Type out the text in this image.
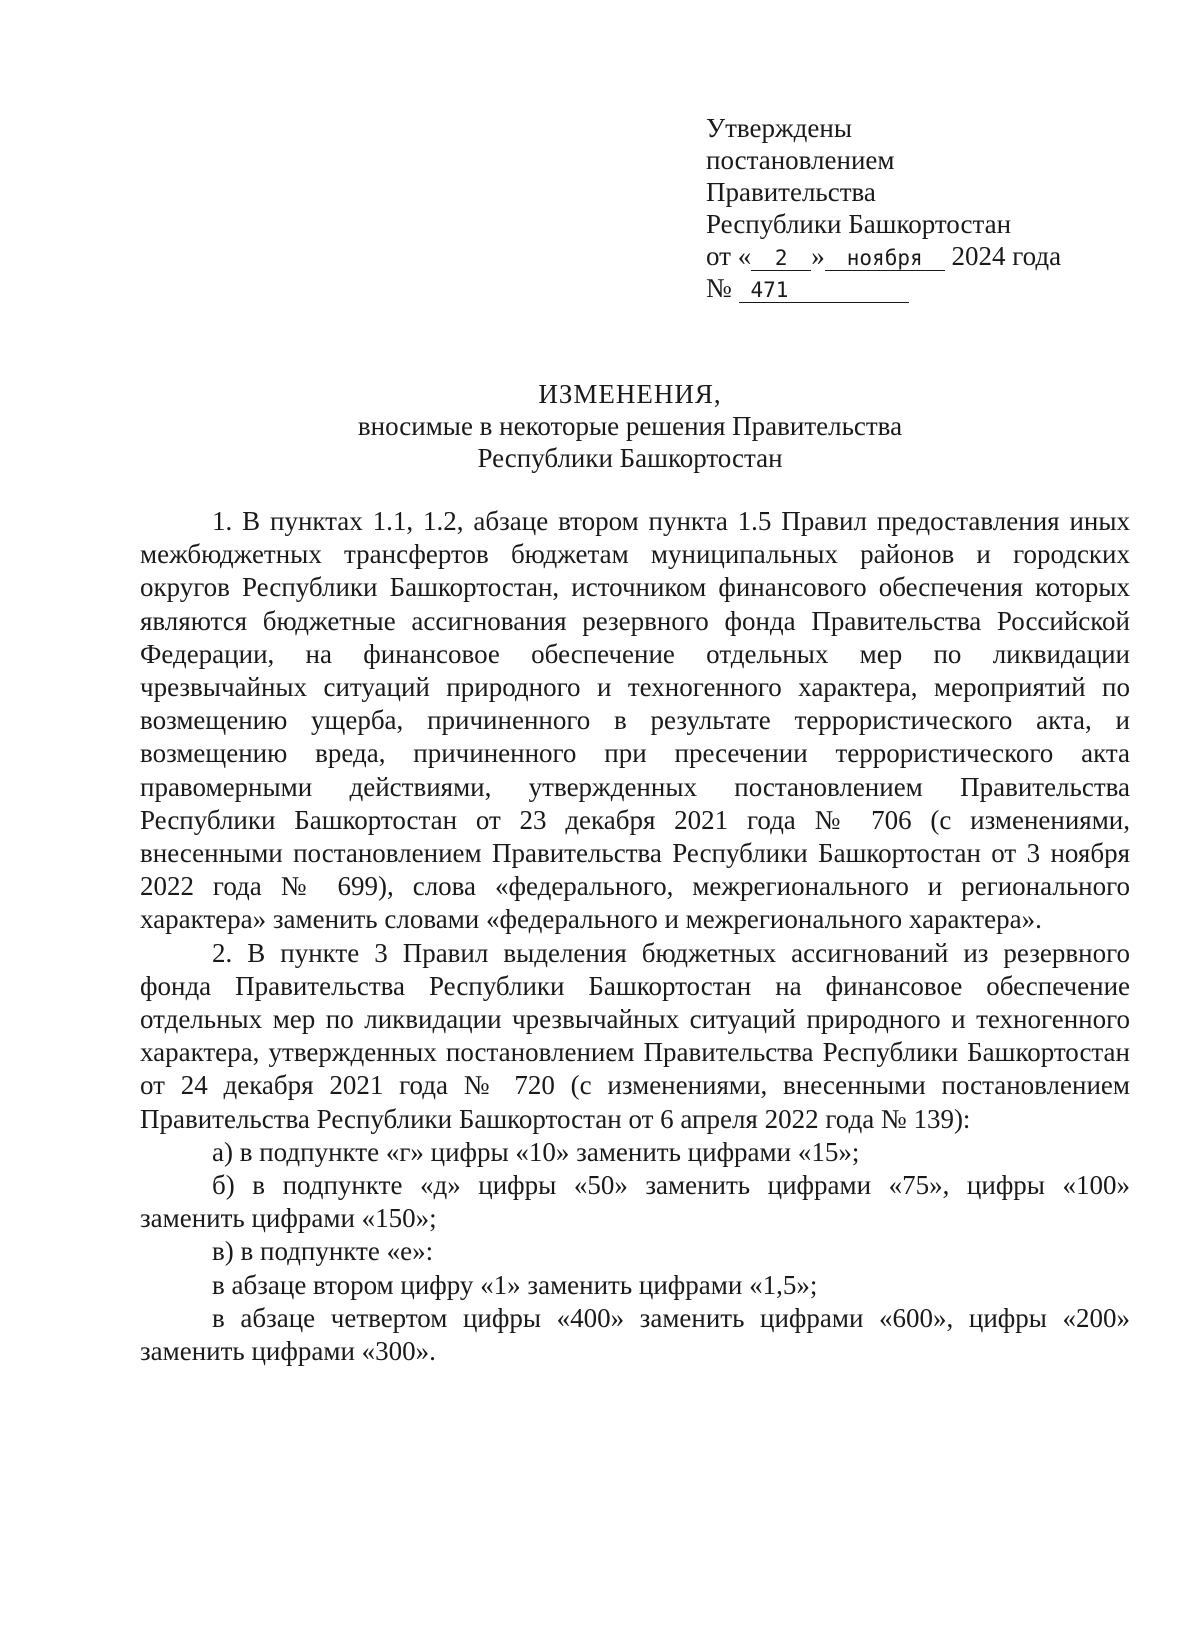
Утверждены
постановлением
Правительства
Республики Башкортостан
от « 2 » ноября 2024 года
№ 471
ИЗМЕНЕНИЯ,
вносимые в некоторые решения Правительства
Республики Башкортостан

1. В пунктах 1.1, 1.2, абзаце втором пункта 1.5 Правил предоставления иных межбюджетных трансфертов бюджетам муниципальных районов и городских округов Республики Башкортостан, источником финансового обеспечения которых являются бюджетные ассигнования резервного фонда Правительства Российской Федерации, на финансовое обеспечение отдельных мер по ликвидации чрезвычайных ситуаций природного и техногенного характера, мероприятий по возмещению ущерба, причиненного в результате террористического акта, и возмещению вреда, причиненного при пресечении террористического акта правомерными действиями, утвержденных постановлением Правительства Республики Башкортостан от 23 декабря 2021 года № 706 (с изменениями, внесенными постановлением Правительства Республики Башкортостан от 3 ноября 2022 года № 699), слова «федерального, межрегионального и регионального характера» заменить словами «федерального и межрегионального характера».

2. В пункте 3 Правил выделения бюджетных ассигнований из резервного фонда Правительства Республики Башкортостан на финансовое обеспечение отдельных мер по ликвидации чрезвычайных ситуаций природного и техногенного характера, утвержденных постановлением Правительства Республики Башкортостан от 24 декабря 2021 года № 720 (с изменениями, внесенными постановлением Правительства Республики Башкортостан от 6 апреля 2022 года № 139):

а) в подпункте «г» цифры «10» заменить цифрами «15»;

б) в подпункте «д» цифры «50» заменить цифрами «75», цифры «100» заменить цифрами «150»;

в) в подпункте «е»:

в абзаце втором цифру «1» заменить цифрами «1,5»;

в абзаце четвертом цифры «400» заменить цифрами «600», цифры «200» заменить цифрами «300».
